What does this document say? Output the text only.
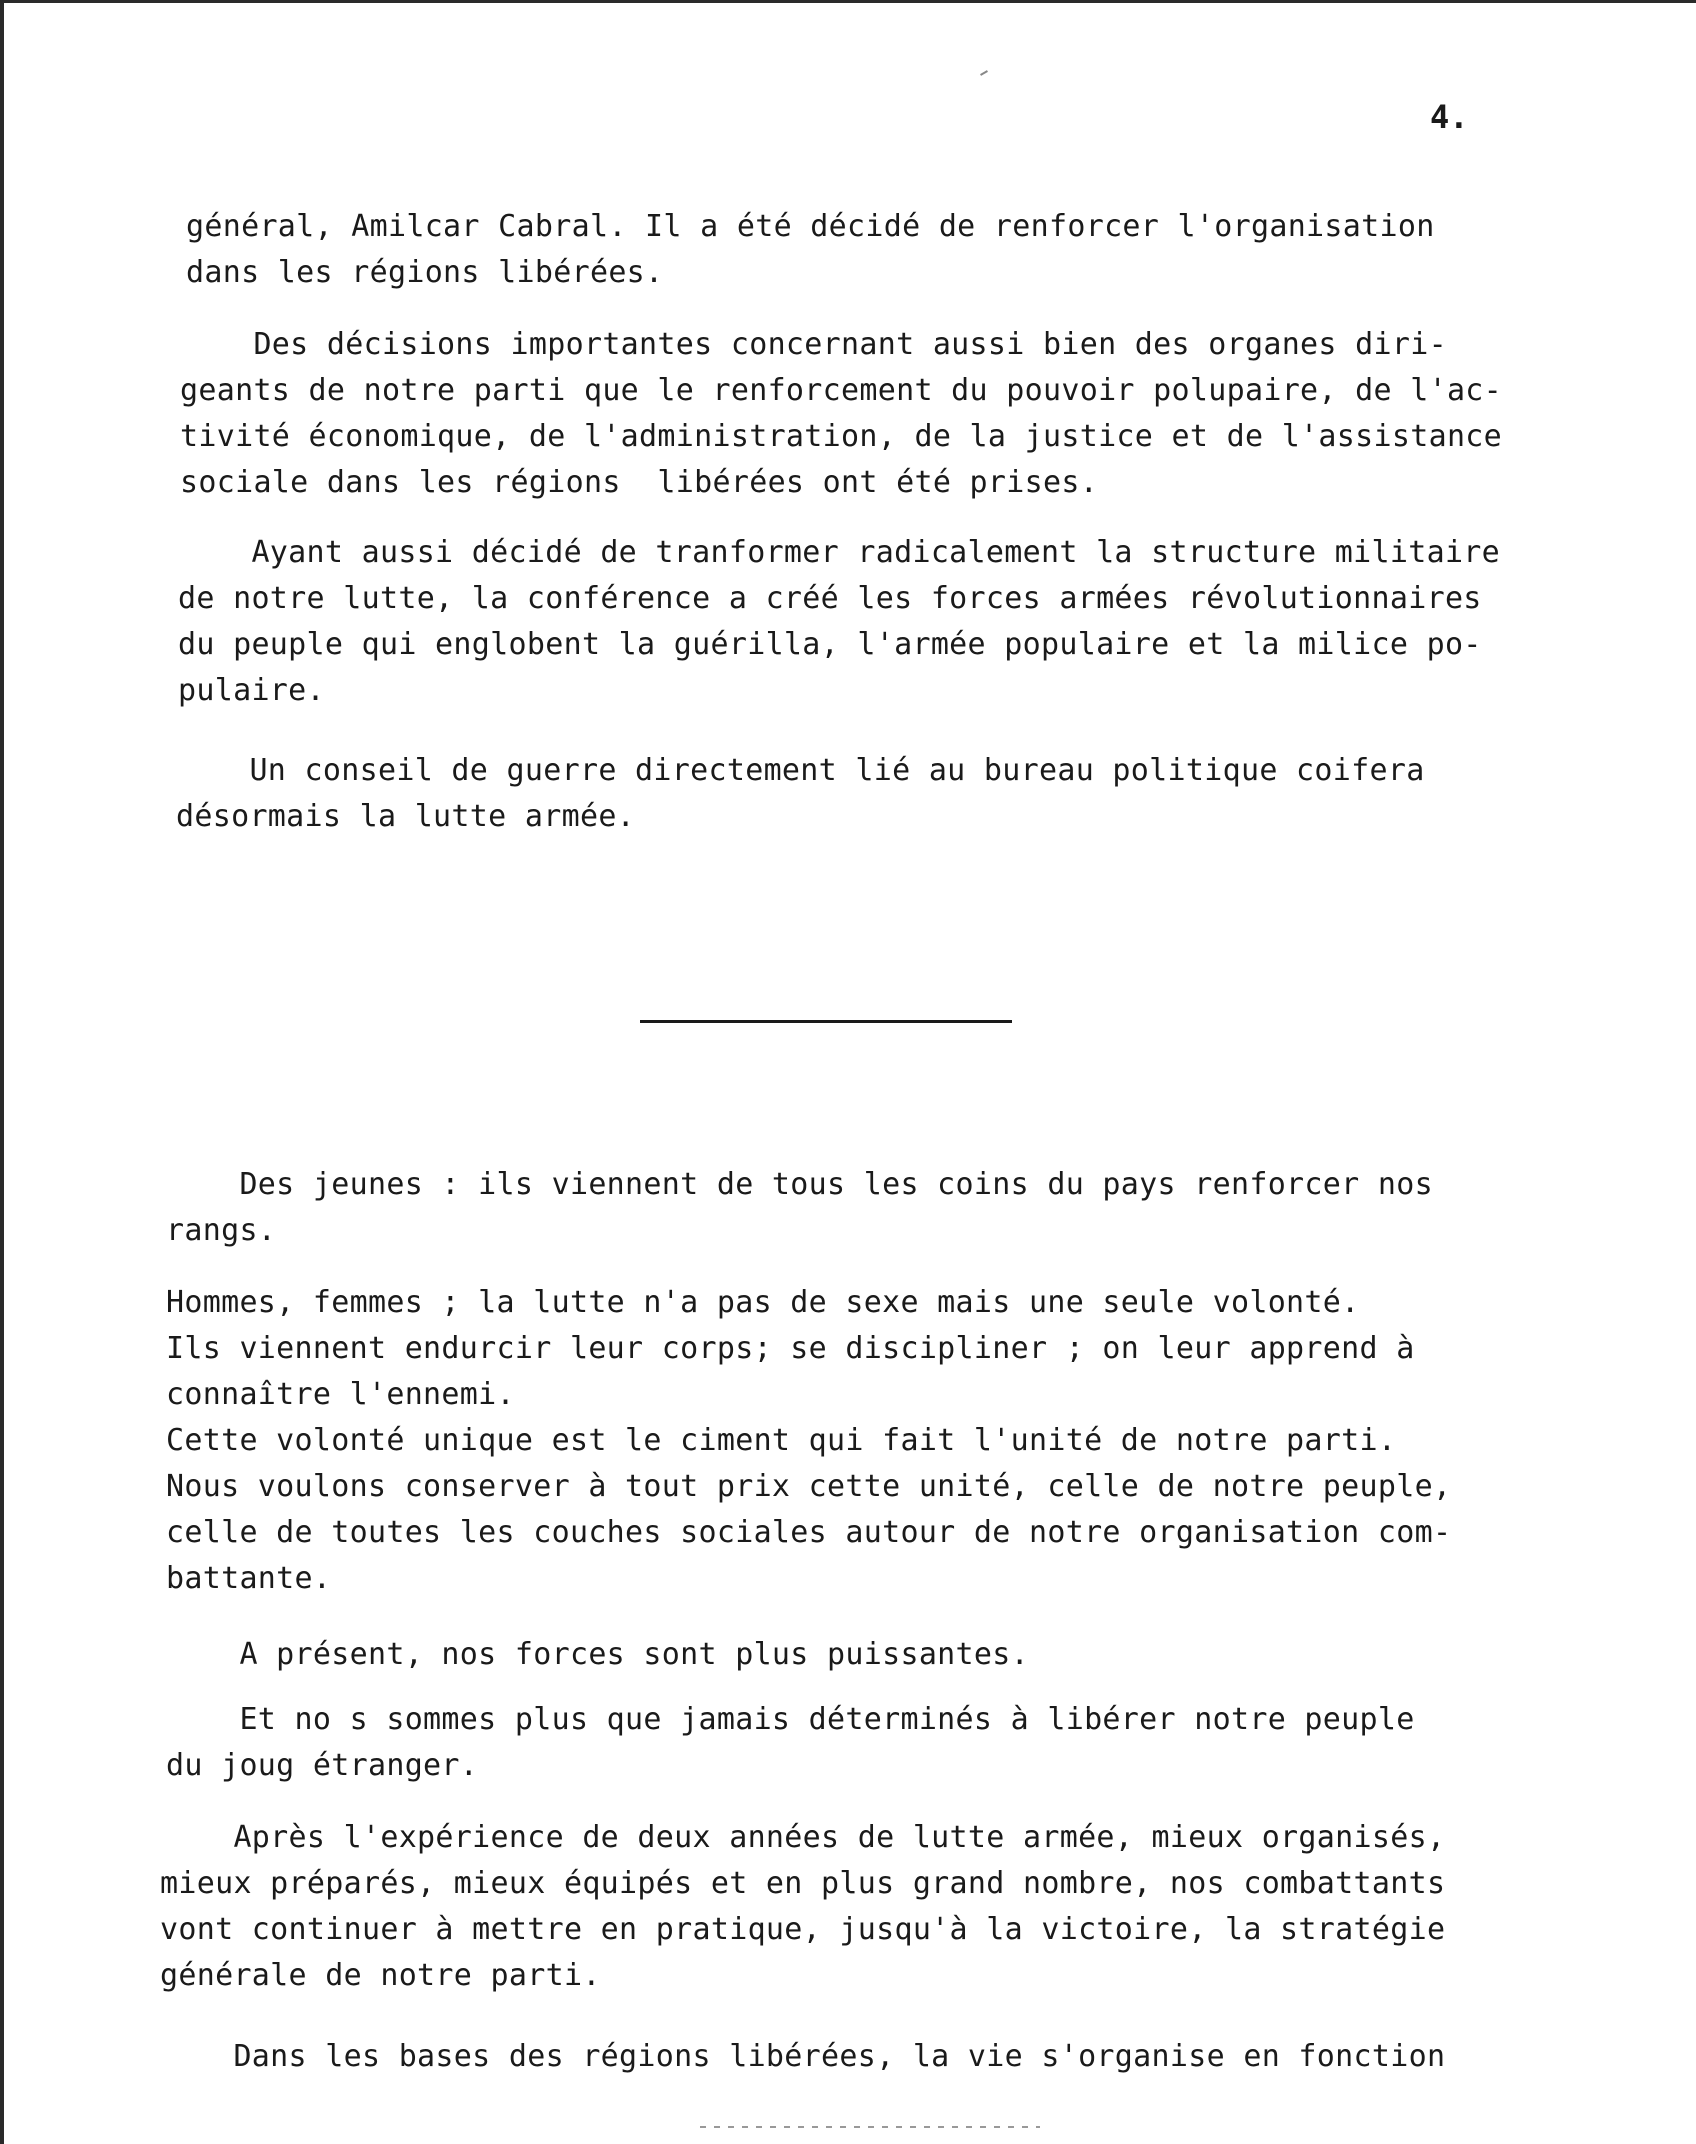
4.
général, Amilcar Cabral. Il a été décidé de renforcer l'organisation
dans les régions libérées.
Des décisions importantes concernant aussi bien des organes diri-
geants de notre parti que le renforcement du pouvoir polupaire, de l'ac-
tivité économique, de l'administration, de la justice et de l'assistance
sociale dans les régions  libérées ont été prises.
Ayant aussi décidé de tranformer radicalement la structure militaire
de notre lutte, la conférence a créé les forces armées révolutionnaires
du peuple qui englobent la guérilla, l'armée populaire et la milice po-
pulaire.
Un conseil de guerre directement lié au bureau politique coifera
désormais la lutte armée.
Des jeunes : ils viennent de tous les coins du pays renforcer nos
rangs.
Hommes, femmes ; la lutte n'a pas de sexe mais une seule volonté.
Ils viennent endurcir leur corps; se discipliner ; on leur apprend à
connaître l'ennemi.
Cette volonté unique est le ciment qui fait l'unité de notre parti.
Nous voulons conserver à tout prix cette unité, celle de notre peuple,
celle de toutes les couches sociales autour de notre organisation com-
battante.
A présent, nos forces sont plus puissantes.
Et no s sommes plus que jamais déterminés à libérer notre peuple
du joug étranger.
Après l'expérience de deux années de lutte armée, mieux organisés,
mieux préparés, mieux équipés et en plus grand nombre, nos combattants
vont continuer à mettre en pratique, jusqu'à la victoire, la stratégie
générale de notre parti.
Dans les bases des régions libérées, la vie s'organise en fonction
